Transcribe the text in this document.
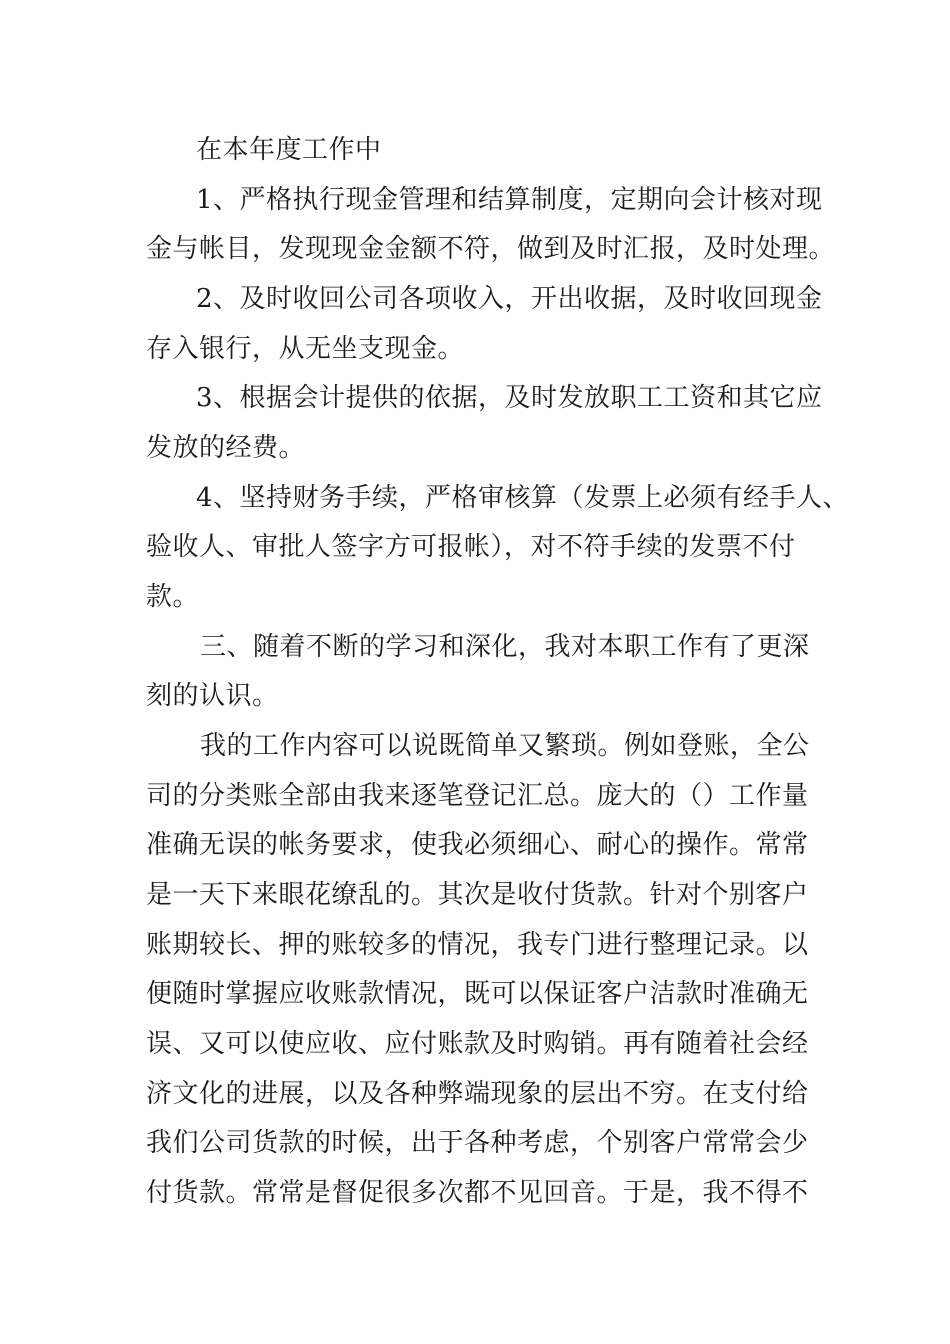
在本年度工作中
1、严格执行现金管理和结算制度，定期向会计核对现
金与帐目，发现现金金额不符，做到及时汇报，及时处理。
2、及时收回公司各项收入，开出收据，及时收回现金
存入银行，从无坐支现金。
3、根据会计提供的依据，及时发放职工工资和其它应
发放的经费。
4、坚持财务手续，严格审核算（发票上必须有经手人、
验收人、审批人签字方可报帐），对不符手续的发票不付
款。
三、随着不断的学习和深化，我对本职工作有了更深
刻的认识。
我的工作内容可以说既简单又繁琐。例如登账，全公
司的分类账全部由我来逐笔登记汇总。庞大的（）工作量
准确无误的帐务要求，使我必须细心、耐心的操作。常常
是一天下来眼花缭乱的。其次是收付货款。针对个别客户
账期较长、押的账较多的情况，我专门进行整理记录。以
便随时掌握应收账款情况，既可以保证客户洁款时准确无
误、又可以使应收、应付账款及时购销。再有随着社会经
济文化的进展，以及各种弊端现象的层出不穷。在支付给
我们公司货款的时候，出于各种考虑，个别客户常常会少
付货款。常常是督促很多次都不见回音。于是，我不得不
